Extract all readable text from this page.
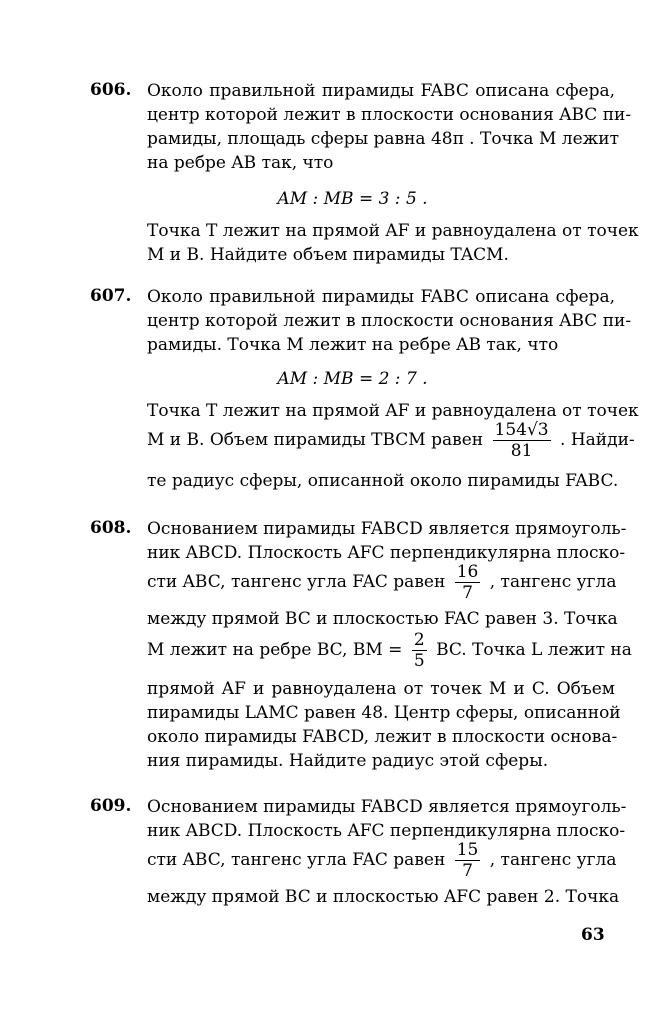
606. Около правильной пирамиды FABC описана сфера,
центр которой лежит в плоскости основания ABC пи-
рамиды, площадь сферы равна 48π . Точка M лежит
на ребре AB так, что
AM : MB = 3 : 5 .
Точка T лежит на прямой AF и равноудалена от точек
M и B. Найдите объем пирамиды TACM.
607. Около правильной пирамиды FABC описана сфера,
центр которой лежит в плоскости основания ABC пи-
рамиды. Точка M лежит на ребре AB так, что
AM : MB = 2 : 7 .
Точка T лежит на прямой AF и равноудалена от точек
M и B. Объем пирамиды TBCM равен $\frac{154√3}{81}$ . Найди-
те радиус сферы, описанной около пирамиды FABC.
608. Основанием пирамиды FABCD является прямоуголь-
ник ABCD. Плоскость AFC перпендикулярна плоско-
сти ABC, тангенс угла FAC равен $\frac{16}{7}$ , тангенс угла
между прямой BC и плоскостью FAC равен 3. Точка
M лежит на ребре BC, BM = $\frac{2}{5}$ BC. Точка L лежит на
прямой AF и равноудалена от точек M и C. Объем
пирамиды LAMC равен 48. Центр сферы, описанной
около пирамиды FABCD, лежит в плоскости основа-
ния пирамиды. Найдите радиус этой сферы.
609. Основанием пирамиды FABCD является прямоуголь-
ник ABCD. Плоскость AFC перпендикулярна плоско-
сти ABC, тангенс угла FAC равен $\frac{15}{7}$ , тангенс угла
между прямой BC и плоскостью AFC равен 2. Точка
63
